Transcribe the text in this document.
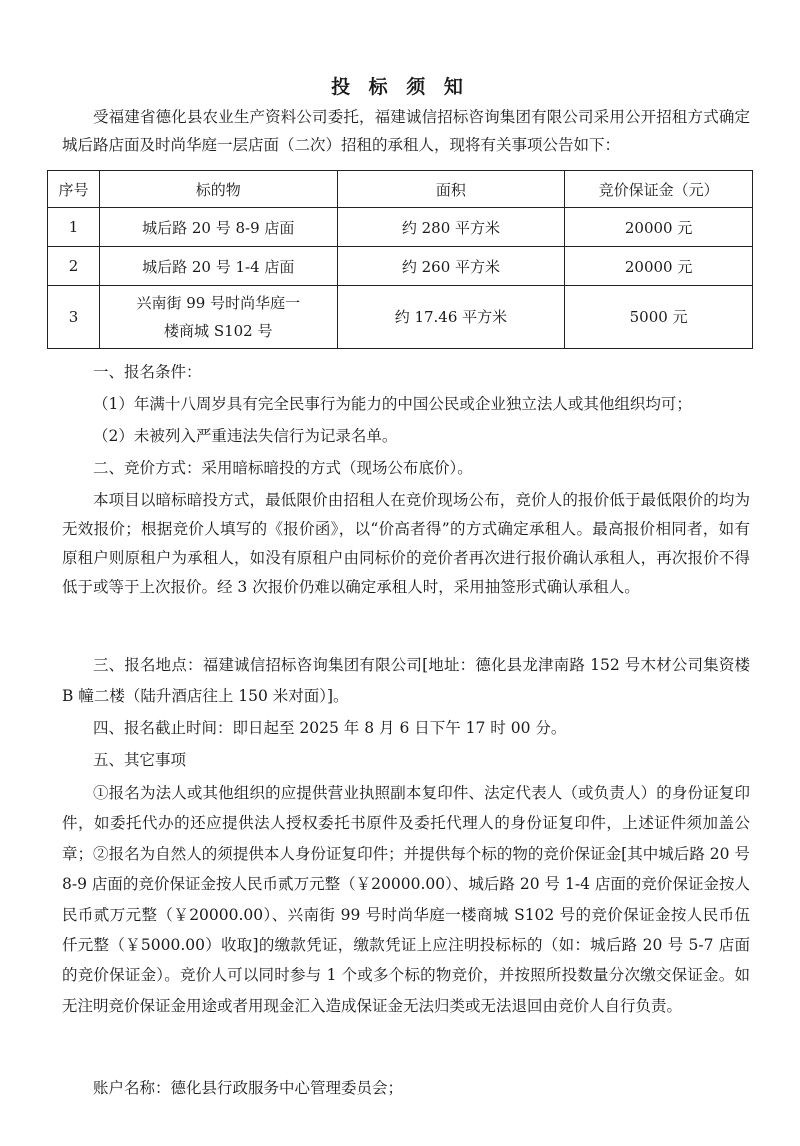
投 标 须 知
受福建省德化县农业生产资料公司委托，福建诚信招标咨询集团有限公司采用公开招租方式确定城后路店面及时尚华庭一层店面（二次）招租的承租人，现将有关事项公告如下：
序号	标的物	面积	竞价保证金（元）
1	城后路 20 号 8-9 店面	约 280 平方米	20000 元
2	城后路 20 号 1-4 店面	约 260 平方米	20000 元
3	兴南街 99 号时尚华庭一楼商城 S102 号	约 17.46 平方米	5000 元
一、报名条件：
（1）年满十八周岁具有完全民事行为能力的中国公民或企业独立法人或其他组织均可；
（2）未被列入严重违法失信行为记录名单。
二、竞价方式：采用暗标暗投的方式（现场公布底价）。
本项目以暗标暗投方式，最低限价由招租人在竞价现场公布，竞价人的报价低于最低限价的均为无效报价；根据竞价人填写的《报价函》，以“价高者得”的方式确定承租人。最高报价相同者，如有原租户则原租户为承租人，如没有原租户由同标价的竞价者再次进行报价确认承租人，再次报价不得低于或等于上次报价。经 3 次报价仍难以确定承租人时，采用抽签形式确认承租人。
三、报名地点：福建诚信招标咨询集团有限公司[地址：德化县龙津南路 152 号木材公司集资楼 B 幢二楼（陆升酒店往上 150 米对面）]。
四、报名截止时间：即日起至 2025 年 8 月 6 日下午 17 时 00 分。
五、其它事项
①报名为法人或其他组织的应提供营业执照副本复印件、法定代表人（或负责人）的身份证复印件，如委托代办的还应提供法人授权委托书原件及委托代理人的身份证复印件，上述证件须加盖公章；②报名为自然人的须提供本人身份证复印件；并提供每个标的物的竞价保证金[其中城后路 20 号 8-9 店面的竞价保证金按人民币贰万元整（￥20000.00）、城后路 20 号 1-4 店面的竞价保证金按人民币贰万元整（￥20000.00）、兴南街 99 号时尚华庭一楼商城 S102 号的竞价保证金按人民币伍仟元整（￥5000.00）收取]的缴款凭证，缴款凭证上应注明投标标的（如：城后路 20 号 5-7 店面的竞价保证金）。竞价人可以同时参与 1 个或多个标的物竞价，并按照所投数量分次缴交保证金。如无注明竞价保证金用途或者用现金汇入造成保证金无法归类或无法退回由竞价人自行负责。
账户名称：德化县行政服务中心管理委员会；
